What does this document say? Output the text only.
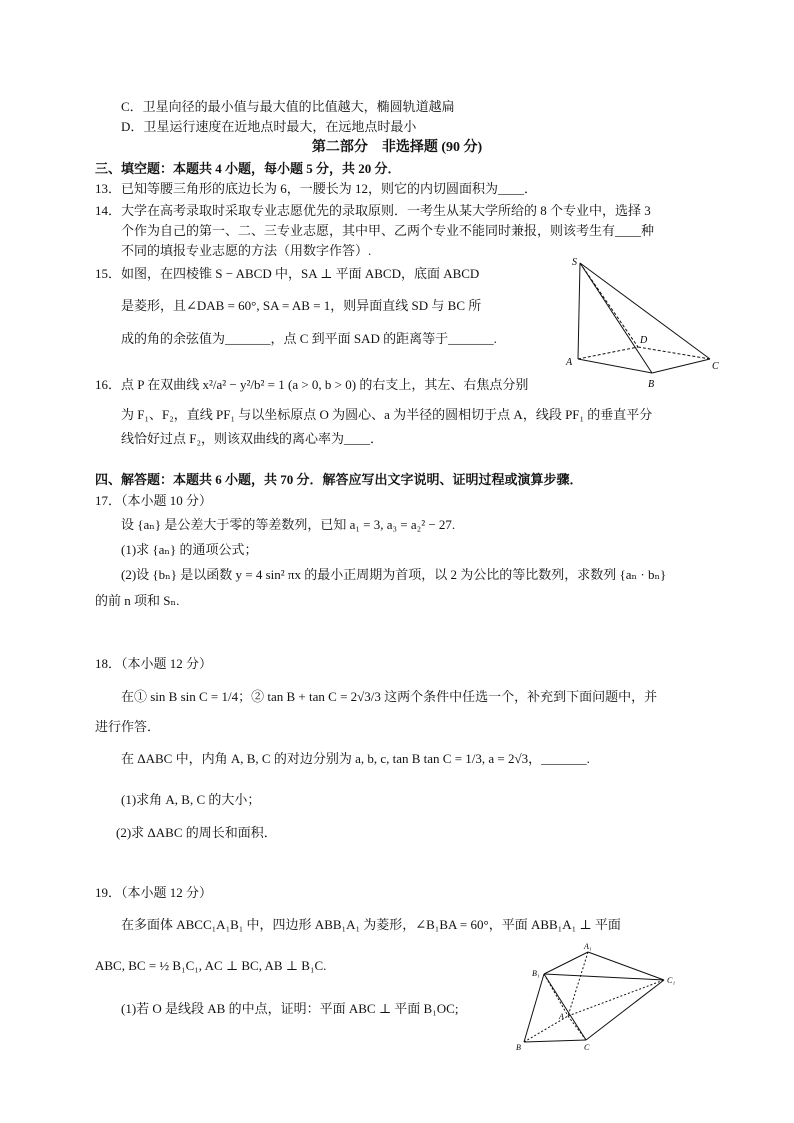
C．卫星向径的最小值与最大值的比值越大，椭圆轨道越扁
D．卫星运行速度在近地点时最大，在远地点时最小
第二部分　非选择题 (90 分)
三、填空题：本题共 4 小题，每小题 5 分，共 20 分．
13．已知等腰三角形的底边长为 6，一腰长为 12，则它的内切圆面积为____．
14．大学在高考录取时采取专业志愿优先的录取原则．一考生从某大学所给的 8 个专业中，选择 3
个作为自己的第一、二、三专业志愿，其中甲、乙两个专业不能同时兼报，则该考生有____种
不同的填报专业志愿的方法（用数字作答）.
15．如图，在四棱锥 S − ABCD 中，SA ⊥ 平面 ABCD，底面 ABCD
是菱形，且∠DAB = 60°, SA = AB = 1，则异面直线 SD 与 BC 所
成的角的余弦值为_______，点 C 到平面 SAD 的距离等于_______.
S
D
A	C
B
16．点 P 在双曲线 x²/a² − y²/b² = 1 (a > 0, b > 0) 的右支上，其左、右焦点分别
为 F₁、F₂，直线 PF₁ 与以坐标原点 O 为圆心、a 为半径的圆相切于点 A，线段 PF₁ 的垂直平分
线恰好过点 F₂，则该双曲线的离心率为____．
四、解答题：本题共 6 小题，共 70 分．解答应写出文字说明、证明过程或演算步骤．
17．（本小题 10 分）
设 {aₙ} 是公差大于零的等差数列，已知 a₁ = 3, a₃ = a₂² − 27.
(1)求 {aₙ} 的通项公式；
(2)设 {bₙ} 是以函数 y = 4 sin² πx 的最小正周期为首项，以 2 为公比的等比数列，求数列 {aₙ · bₙ}
的前 n 项和 Sₙ.
18．（本小题 12 分）
在① sin B sin C = 1/4；② tan B + tan C = 2√3/3 这两个条件中任选一个，补充到下面问题中，并
进行作答．
在 ΔABC 中，内角 A, B, C 的对边分别为 a, b, c, tan B tan C = 1/3, a = 2√3，_______.
(1)求角 A, B, C 的大小；
(2)求 ΔABC 的周长和面积．
19．（本小题 12 分）
在多面体 ABCC₁A₁B₁ 中，四边形 ABB₁A₁ 为菱形，∠B₁BA = 60°，平面 ABB₁A₁ ⊥ 平面
ABC, BC = ½ B₁C₁, AC ⊥ BC, AB ⊥ B₁C.
(1)若 O 是线段 AB 的中点，证明：平面 ABC ⊥ 平面 B₁OC;
A₁
B₁
C₁
A
B	C
